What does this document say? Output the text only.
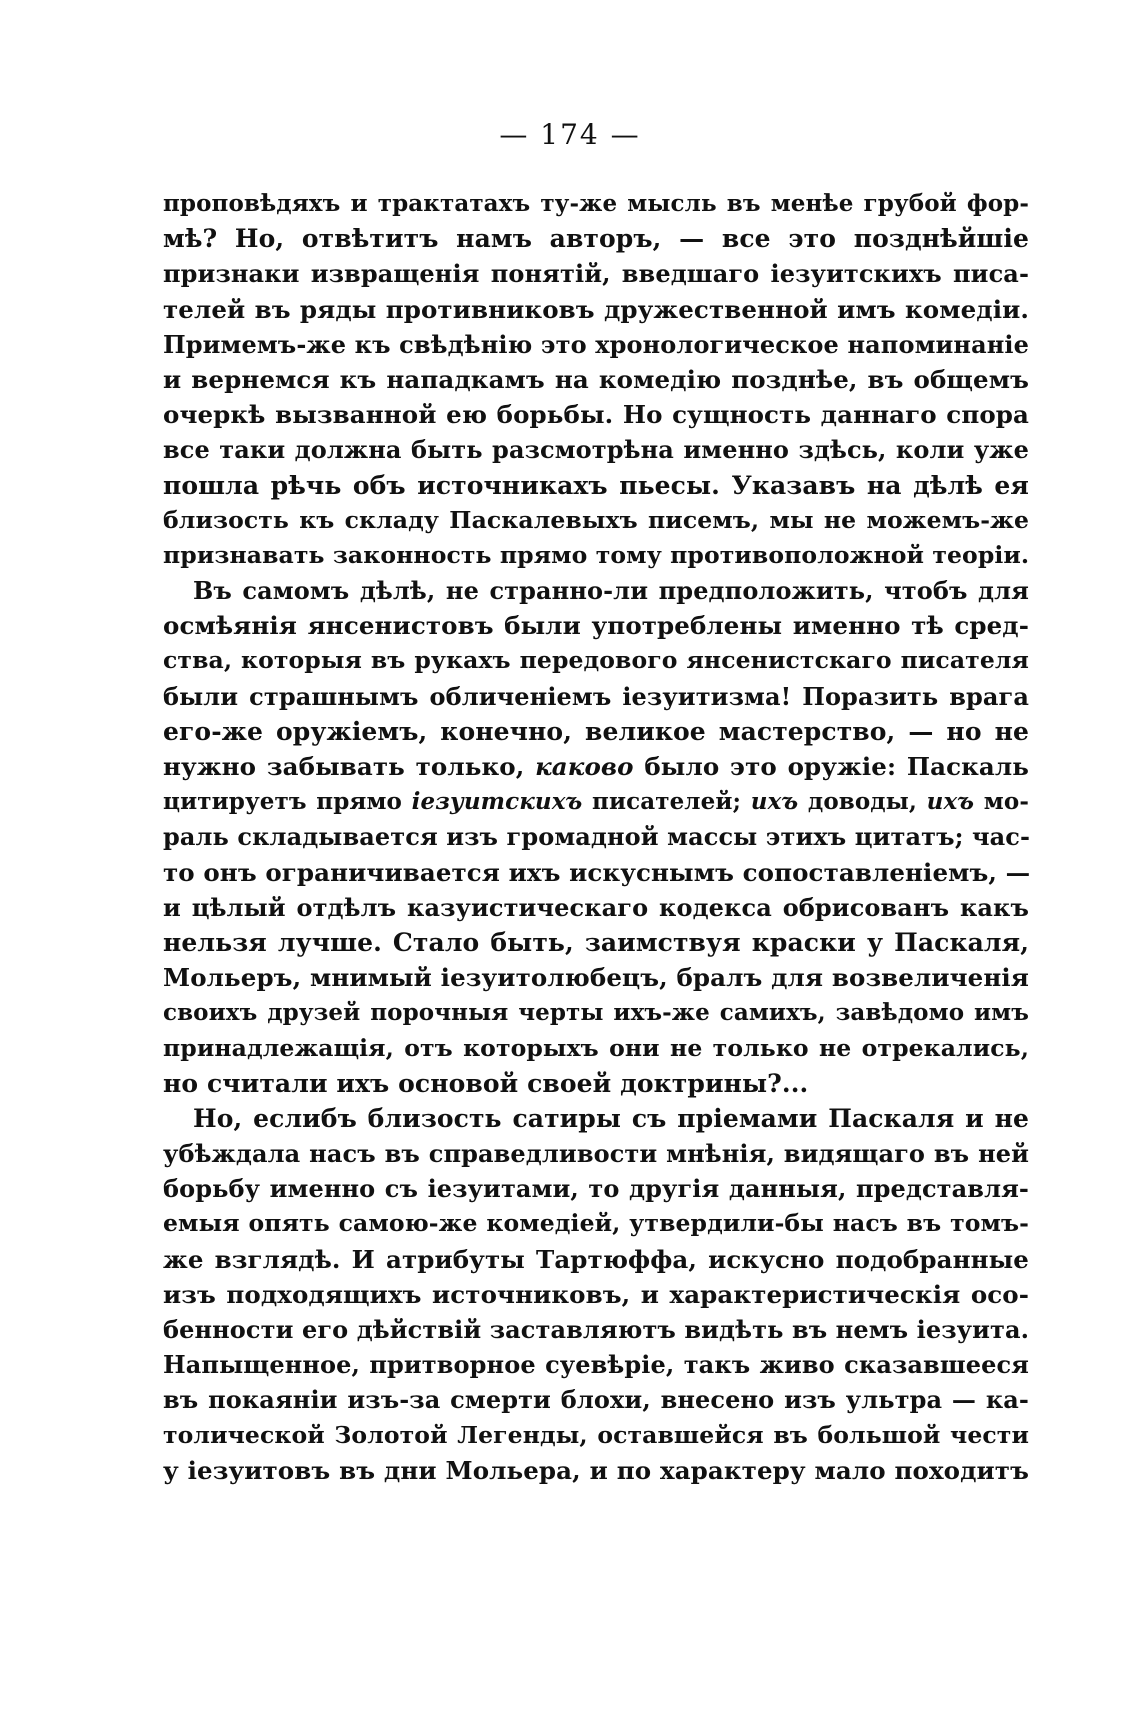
— 174 —
проповѣдяхъ и трактатахъ ту-же мысль въ менѣе грубой фор-
мѣ? Но, отвѣтитъ намъ авторъ, — все это позднѣйшіе
признаки извращенія понятій, введшаго іезуитскихъ писа-
телей въ ряды противниковъ дружественной имъ комедіи.
Примемъ-же къ свѣдѣнію это хронологическое напоминаніе
и вернемся къ нападкамъ на комедію позднѣе, въ общемъ
очеркѣ вызванной ею борьбы. Но сущность даннаго спора
все таки должна быть разсмотрѣна именно здѣсь, коли уже
пошла рѣчь объ источникахъ пьесы. Указавъ на дѣлѣ ея
близость къ складу Паскалевыхъ писемъ, мы не можемъ-же
признавать законность прямо тому противоположной теоріи.
Въ самомъ дѣлѣ, не странно-ли предположить, чтобъ для
осмѣянія янсенистовъ были употреблены именно тѣ сред-
ства, которыя въ рукахъ передового янсенистскаго писателя
были страшнымъ обличеніемъ іезуитизма! Поразить врага
его-же оружіемъ, конечно, великое мастерство, — но не
нужно забывать только, каково было это оружіе: Паскаль
цитируетъ прямо іезуитскихъ писателей; ихъ доводы, ихъ мо-
раль складывается изъ громадной массы этихъ цитатъ; час-
то онъ ограничивается ихъ искуснымъ сопоставленіемъ, —
и цѣлый отдѣлъ казуистическаго кодекса обрисованъ какъ
нельзя лучше. Стало быть, заимствуя краски у Паскаля,
Мольеръ, мнимый іезуитолюбецъ, бралъ для возвеличенія
своихъ друзей порочныя черты ихъ-же самихъ, завѣдомо имъ
принадлежащія, отъ которыхъ они не только не отрекались,
но считали ихъ основой своей доктрины?...
Но, еслибъ близость сатиры съ пріемами Паскаля и не
убѣждала насъ въ справедливости мнѣнія, видящаго въ ней
борьбу именно съ іезуитами, то другія данныя, представля-
емыя опять самою-же комедіей, утвердили-бы насъ въ томъ-
же взглядѣ. И атрибуты Тартюффа, искусно подобранные
изъ подходящихъ источниковъ, и характеристическія осо-
бенности его дѣйствій заставляютъ видѣть въ немъ іезуита.
Напыщенное, притворное суевѣріе, такъ живо сказавшееся
въ покаяніи изъ-за смерти блохи, внесено изъ ультра — ка-
толической Золотой Легенды, оставшейся въ большой чести
у іезуитовъ въ дни Мольера, и по характеру мало походитъ
